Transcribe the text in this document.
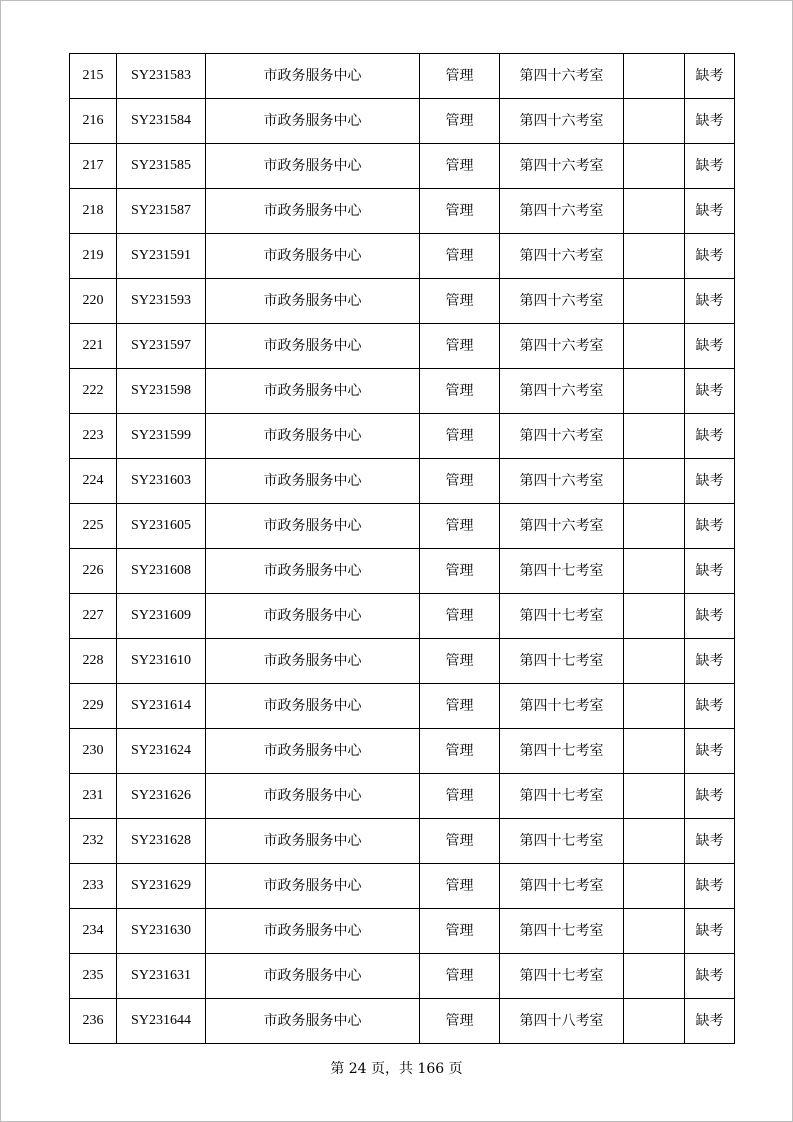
215	SY231583	市政务服务中心	管理	第四十六考室		缺考
216	SY231584	市政务服务中心	管理	第四十六考室		缺考
217	SY231585	市政务服务中心	管理	第四十六考室		缺考
218	SY231587	市政务服务中心	管理	第四十六考室		缺考
219	SY231591	市政务服务中心	管理	第四十六考室		缺考
220	SY231593	市政务服务中心	管理	第四十六考室		缺考
221	SY231597	市政务服务中心	管理	第四十六考室		缺考
222	SY231598	市政务服务中心	管理	第四十六考室		缺考
223	SY231599	市政务服务中心	管理	第四十六考室		缺考
224	SY231603	市政务服务中心	管理	第四十六考室		缺考
225	SY231605	市政务服务中心	管理	第四十六考室		缺考
226	SY231608	市政务服务中心	管理	第四十七考室		缺考
227	SY231609	市政务服务中心	管理	第四十七考室		缺考
228	SY231610	市政务服务中心	管理	第四十七考室		缺考
229	SY231614	市政务服务中心	管理	第四十七考室		缺考
230	SY231624	市政务服务中心	管理	第四十七考室		缺考
231	SY231626	市政务服务中心	管理	第四十七考室		缺考
232	SY231628	市政务服务中心	管理	第四十七考室		缺考
233	SY231629	市政务服务中心	管理	第四十七考室		缺考
234	SY231630	市政务服务中心	管理	第四十七考室		缺考
235	SY231631	市政务服务中心	管理	第四十七考室		缺考
236	SY231644	市政务服务中心	管理	第四十八考室		缺考
第 24 页，共 166 页
